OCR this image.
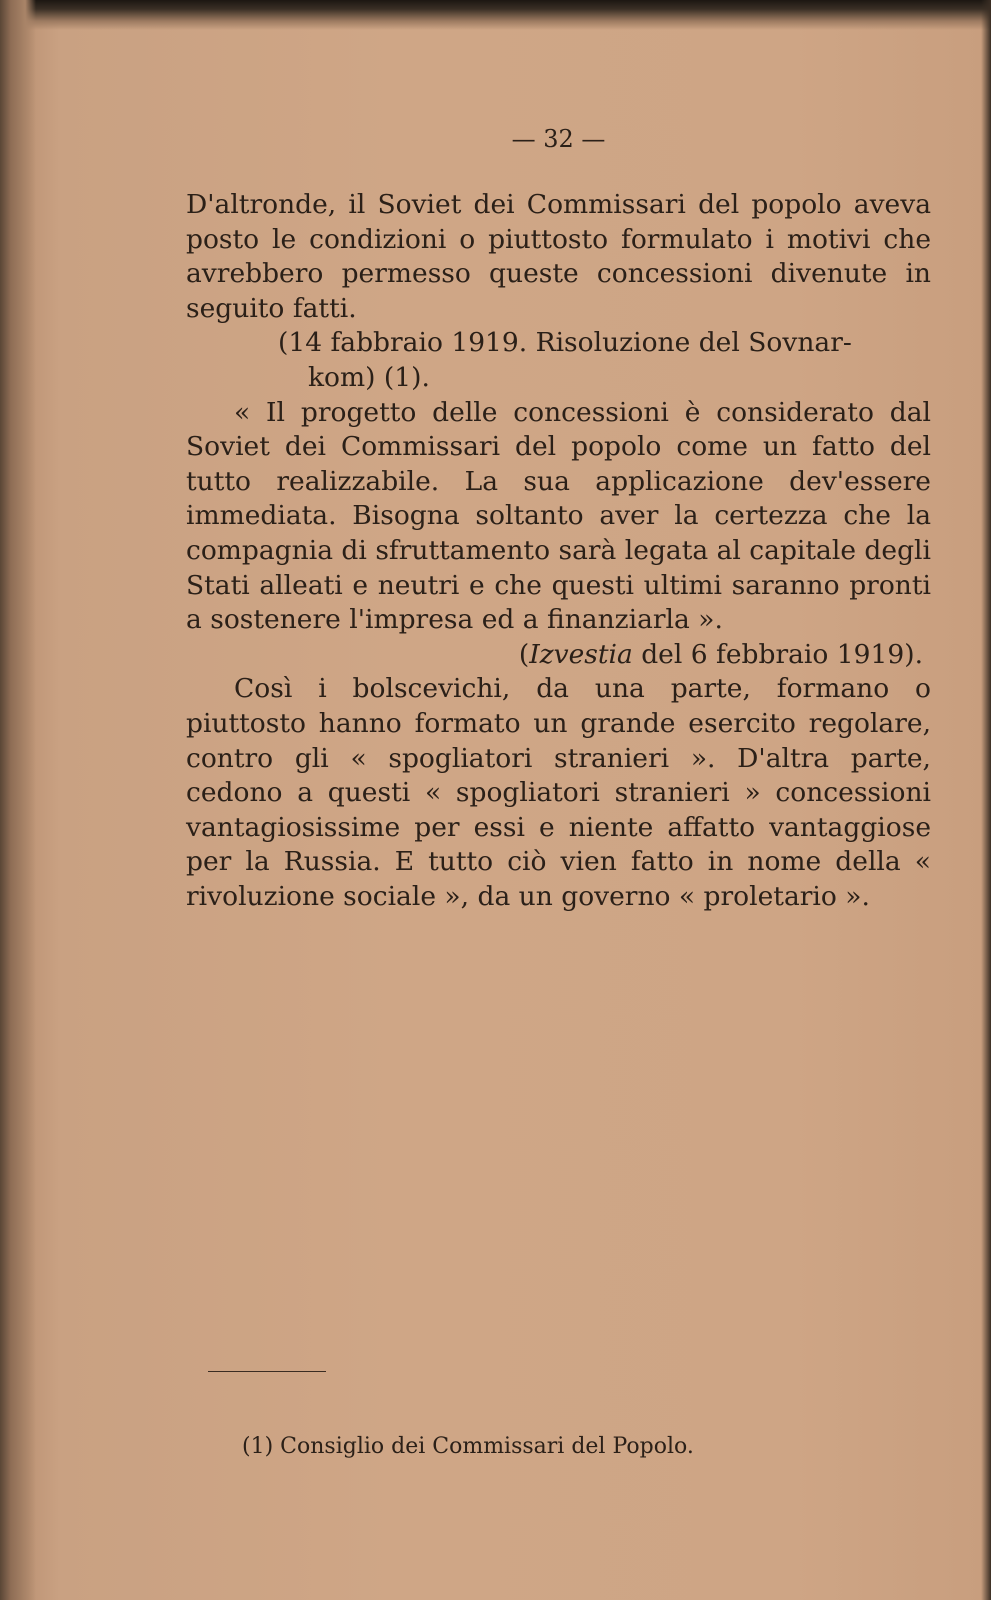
— 32 —

D'altronde, il Soviet dei Commissari del popolo aveva posto le condizioni o piuttosto formulato i motivi che avrebbero permesso queste concessioni divenute in seguito fatti.

(14 fabbraio 1919. Risoluzione del Sovnar-
kom) (1).

« Il progetto delle concessioni è considerato dal Soviet dei Commissari del popolo come un fatto del tutto realizzabile. La sua applicazione dev'essere immediata. Bisogna soltanto aver la certezza che la compagnia di sfruttamento sarà legata al capitale degli Stati alleati e neutri e che questi ultimi saranno pronti a sostenere l'impresa ed a finanziarla ».

(Izvestia del 6 febbraio 1919).

Così i bolscevichi, da una parte, formano o piuttosto hanno formato un grande esercito regolare, contro gli « spogliatori stranieri ». D'altra parte, cedono a questi « spogliatori stranieri » concessioni vantagiosissime per essi e niente affatto vantaggiose per la Russia. E tutto ciò vien fatto in nome della « rivoluzione sociale », da un governo « proletario ».

(1) Consiglio dei Commissari del Popolo.
